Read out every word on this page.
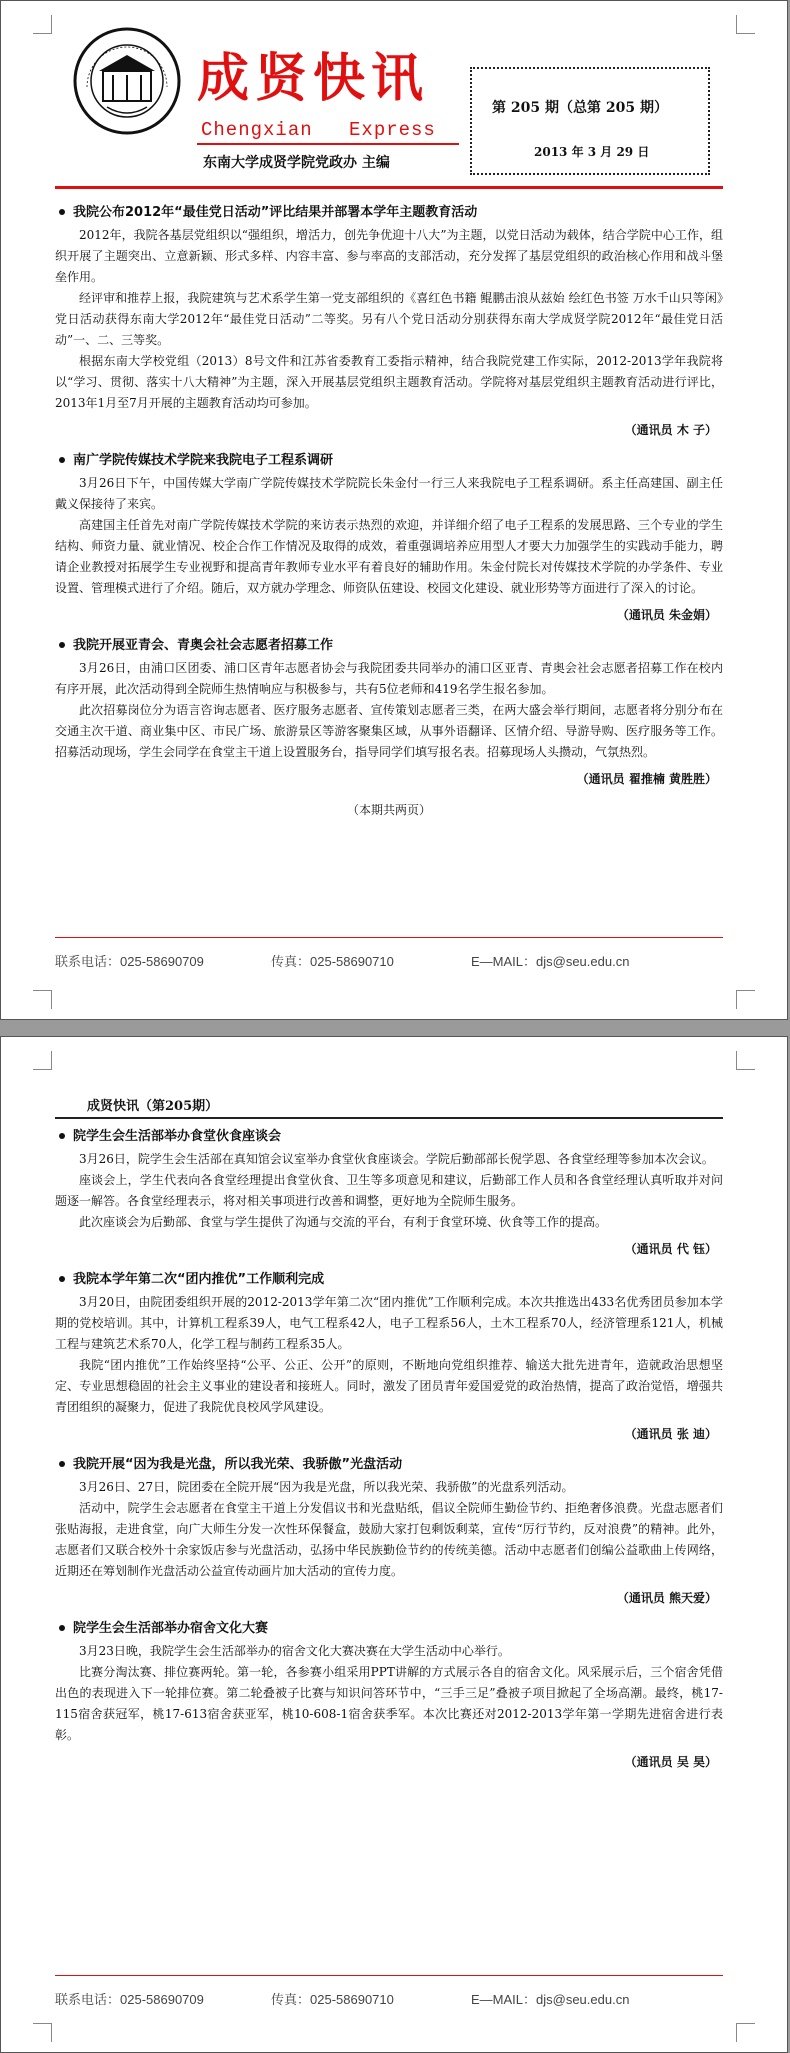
成贤快讯
Chengxian Express
东南大学成贤学院党政办 主编
第 205 期（总第 205 期）
2013 年 3 月 29 日
我院公布2012年“最佳党日活动”评比结果并部署本学年主题教育活动

2012年，我院各基层党组织以“强组织，增活力，创先争优迎十八大”为主题，以党日活动为载体，结合学院中心工作，组织开展了主题突出、立意新颖、形式多样、内容丰富、参与率高的支部活动，充分发挥了基层党组织的政治核心作用和战斗堡垒作用。

经评审和推荐上报，我院建筑与艺术系学生第一党支部组织的《喜红色书籍 鲲鹏击浪从兹始 绘红色书签 万水千山只等闲》党日活动获得东南大学2012年“最佳党日活动”二等奖。另有八个党日活动分别获得东南大学成贤学院2012年“最佳党日活动”一、二、三等奖。

根据东南大学校党组（2013）8号文件和江苏省委教育工委指示精神，结合我院党建工作实际，2012-2013学年我院将以“学习、贯彻、落实十八大精神”为主题，深入开展基层党组织主题教育活动。学院将对基层党组织主题教育活动进行评比，2013年1月至7月开展的主题教育活动均可参加。

（通讯员 木 子）
南广学院传媒技术学院来我院电子工程系调研

3月26日下午，中国传媒大学南广学院传媒技术学院院长朱金付一行三人来我院电子工程系调研。系主任高建国、副主任戴义保接待了来宾。

高建国主任首先对南广学院传媒技术学院的来访表示热烈的欢迎，并详细介绍了电子工程系的发展思路、三个专业的学生结构、师资力量、就业情况、校企合作工作情况及取得的成效，着重强调培养应用型人才要大力加强学生的实践动手能力，聘请企业教授对拓展学生专业视野和提高青年教师专业水平有着良好的辅助作用。朱金付院长对传媒技术学院的办学条件、专业设置、管理模式进行了介绍。随后，双方就办学理念、师资队伍建设、校园文化建设、就业形势等方面进行了深入的讨论。

（通讯员 朱金娟）
我院开展亚青会、青奥会社会志愿者招募工作

3月26日，由浦口区团委、浦口区青年志愿者协会与我院团委共同举办的浦口区亚青、青奥会社会志愿者招募工作在校内有序开展，此次活动得到全院师生热情响应与积极参与，共有5位老师和419名学生报名参加。

此次招募岗位分为语言咨询志愿者、医疗服务志愿者、宣传策划志愿者三类，在两大盛会举行期间，志愿者将分别分布在交通主次干道、商业集中区、市民广场、旅游景区等游客聚集区域，从事外语翻译、区情介绍、导游导购、医疗服务等工作。招募活动现场，学生会同学在食堂主干道上设置服务台，指导同学们填写报名表。招募现场人头攒动，气氛热烈。

（通讯员 翟推楠 黄胜胜）
（本期共两页）
联系电话：025-58690709	传真：025-58690710	E—MAIL：djs@seu.edu.cn
成贤快讯（第205期）
院学生会生活部举办食堂伙食座谈会

3月26日，院学生会生活部在真知馆会议室举办食堂伙食座谈会。学院后勤部部长倪学恩、各食堂经理等参加本次会议。

座谈会上，学生代表向各食堂经理提出食堂伙食、卫生等多项意见和建议，后勤部工作人员和各食堂经理认真听取并对问题逐一解答。各食堂经理表示，将对相关事项进行改善和调整，更好地为全院师生服务。

此次座谈会为后勤部、食堂与学生提供了沟通与交流的平台，有利于食堂环境、伙食等工作的提高。

（通讯员 代 钰）
我院本学年第二次“团内推优”工作顺利完成

3月20日，由院团委组织开展的2012-2013学年第二次“团内推优”工作顺利完成。本次共推选出433名优秀团员参加本学期的党校培训。其中，计算机工程系39人，电气工程系42人，电子工程系56人，土木工程系70人，经济管理系121人，机械工程与建筑艺术系70人，化学工程与制药工程系35人。

我院“团内推优”工作始终坚持“公平、公正、公开”的原则，不断地向党组织推荐、输送大批先进青年，造就政治思想坚定、专业思想稳固的社会主义事业的建设者和接班人。同时，激发了团员青年爱国爱党的政治热情，提高了政治觉悟，增强共青团组织的凝聚力，促进了我院优良校风学风建设。

（通讯员 张 迪）
我院开展“因为我是光盘，所以我光荣、我骄傲”光盘活动

3月26日、27日，院团委在全院开展“因为我是光盘，所以我光荣、我骄傲”的光盘系列活动。

活动中，院学生会志愿者在食堂主干道上分发倡议书和光盘贴纸，倡议全院师生勤俭节约、拒绝奢侈浪费。光盘志愿者们张贴海报，走进食堂，向广大师生分发一次性环保餐盒，鼓励大家打包剩饭剩菜，宣传“厉行节约，反对浪费”的精神。此外，志愿者们又联合校外十余家饭店参与光盘活动，弘扬中华民族勤俭节约的传统美德。活动中志愿者们创编公益歌曲上传网络，近期还在筹划制作光盘活动公益宣传动画片加大活动的宣传力度。

（通讯员 熊天爱）
院学生会生活部举办宿舍文化大赛

3月23日晚，我院学生会生活部举办的宿舍文化大赛决赛在大学生活动中心举行。

比赛分淘汰赛、排位赛两轮。第一轮，各参赛小组采用PPT讲解的方式展示各自的宿舍文化。风采展示后，三个宿舍凭借出色的表现进入下一轮排位赛。第二轮叠被子比赛与知识问答环节中，“三手三足”叠被子项目掀起了全场高潮。最终，桃17-115宿舍获冠军，桃17-613宿舍获亚军，桃10-608-1宿舍获季军。本次比赛还对2012-2013学年第一学期先进宿舍进行表彰。

（通讯员 吴 昊）
联系电话：025-58690709	传真：025-58690710	E—MAIL：djs@seu.edu.cn
